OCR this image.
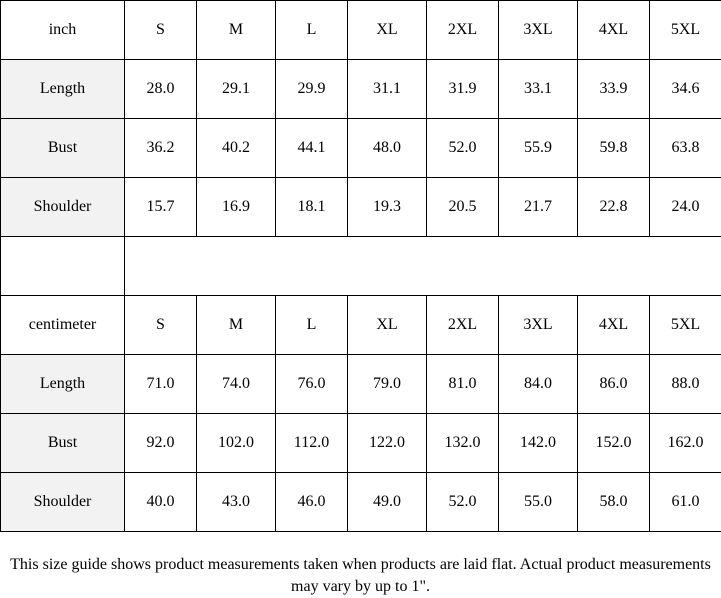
inch	S	M	L	XL	2XL	3XL	4XL	5XL
Length	28.0	29.1	29.9	31.1	31.9	33.1	33.9	34.6
Bust	36.2	40.2	44.1	48.0	52.0	55.9	59.8	63.8
Shoulder	15.7	16.9	18.1	19.3	20.5	21.7	22.8	24.0

centimeter	S	M	L	XL	2XL	3XL	4XL	5XL
Length	71.0	74.0	76.0	79.0	81.0	84.0	86.0	88.0
Bust	92.0	102.0	112.0	122.0	132.0	142.0	152.0	162.0
Shoulder	40.0	43.0	46.0	49.0	52.0	55.0	58.0	61.0
This size guide shows product measurements taken when products are laid flat. Actual product measurements may vary by up to 1".
